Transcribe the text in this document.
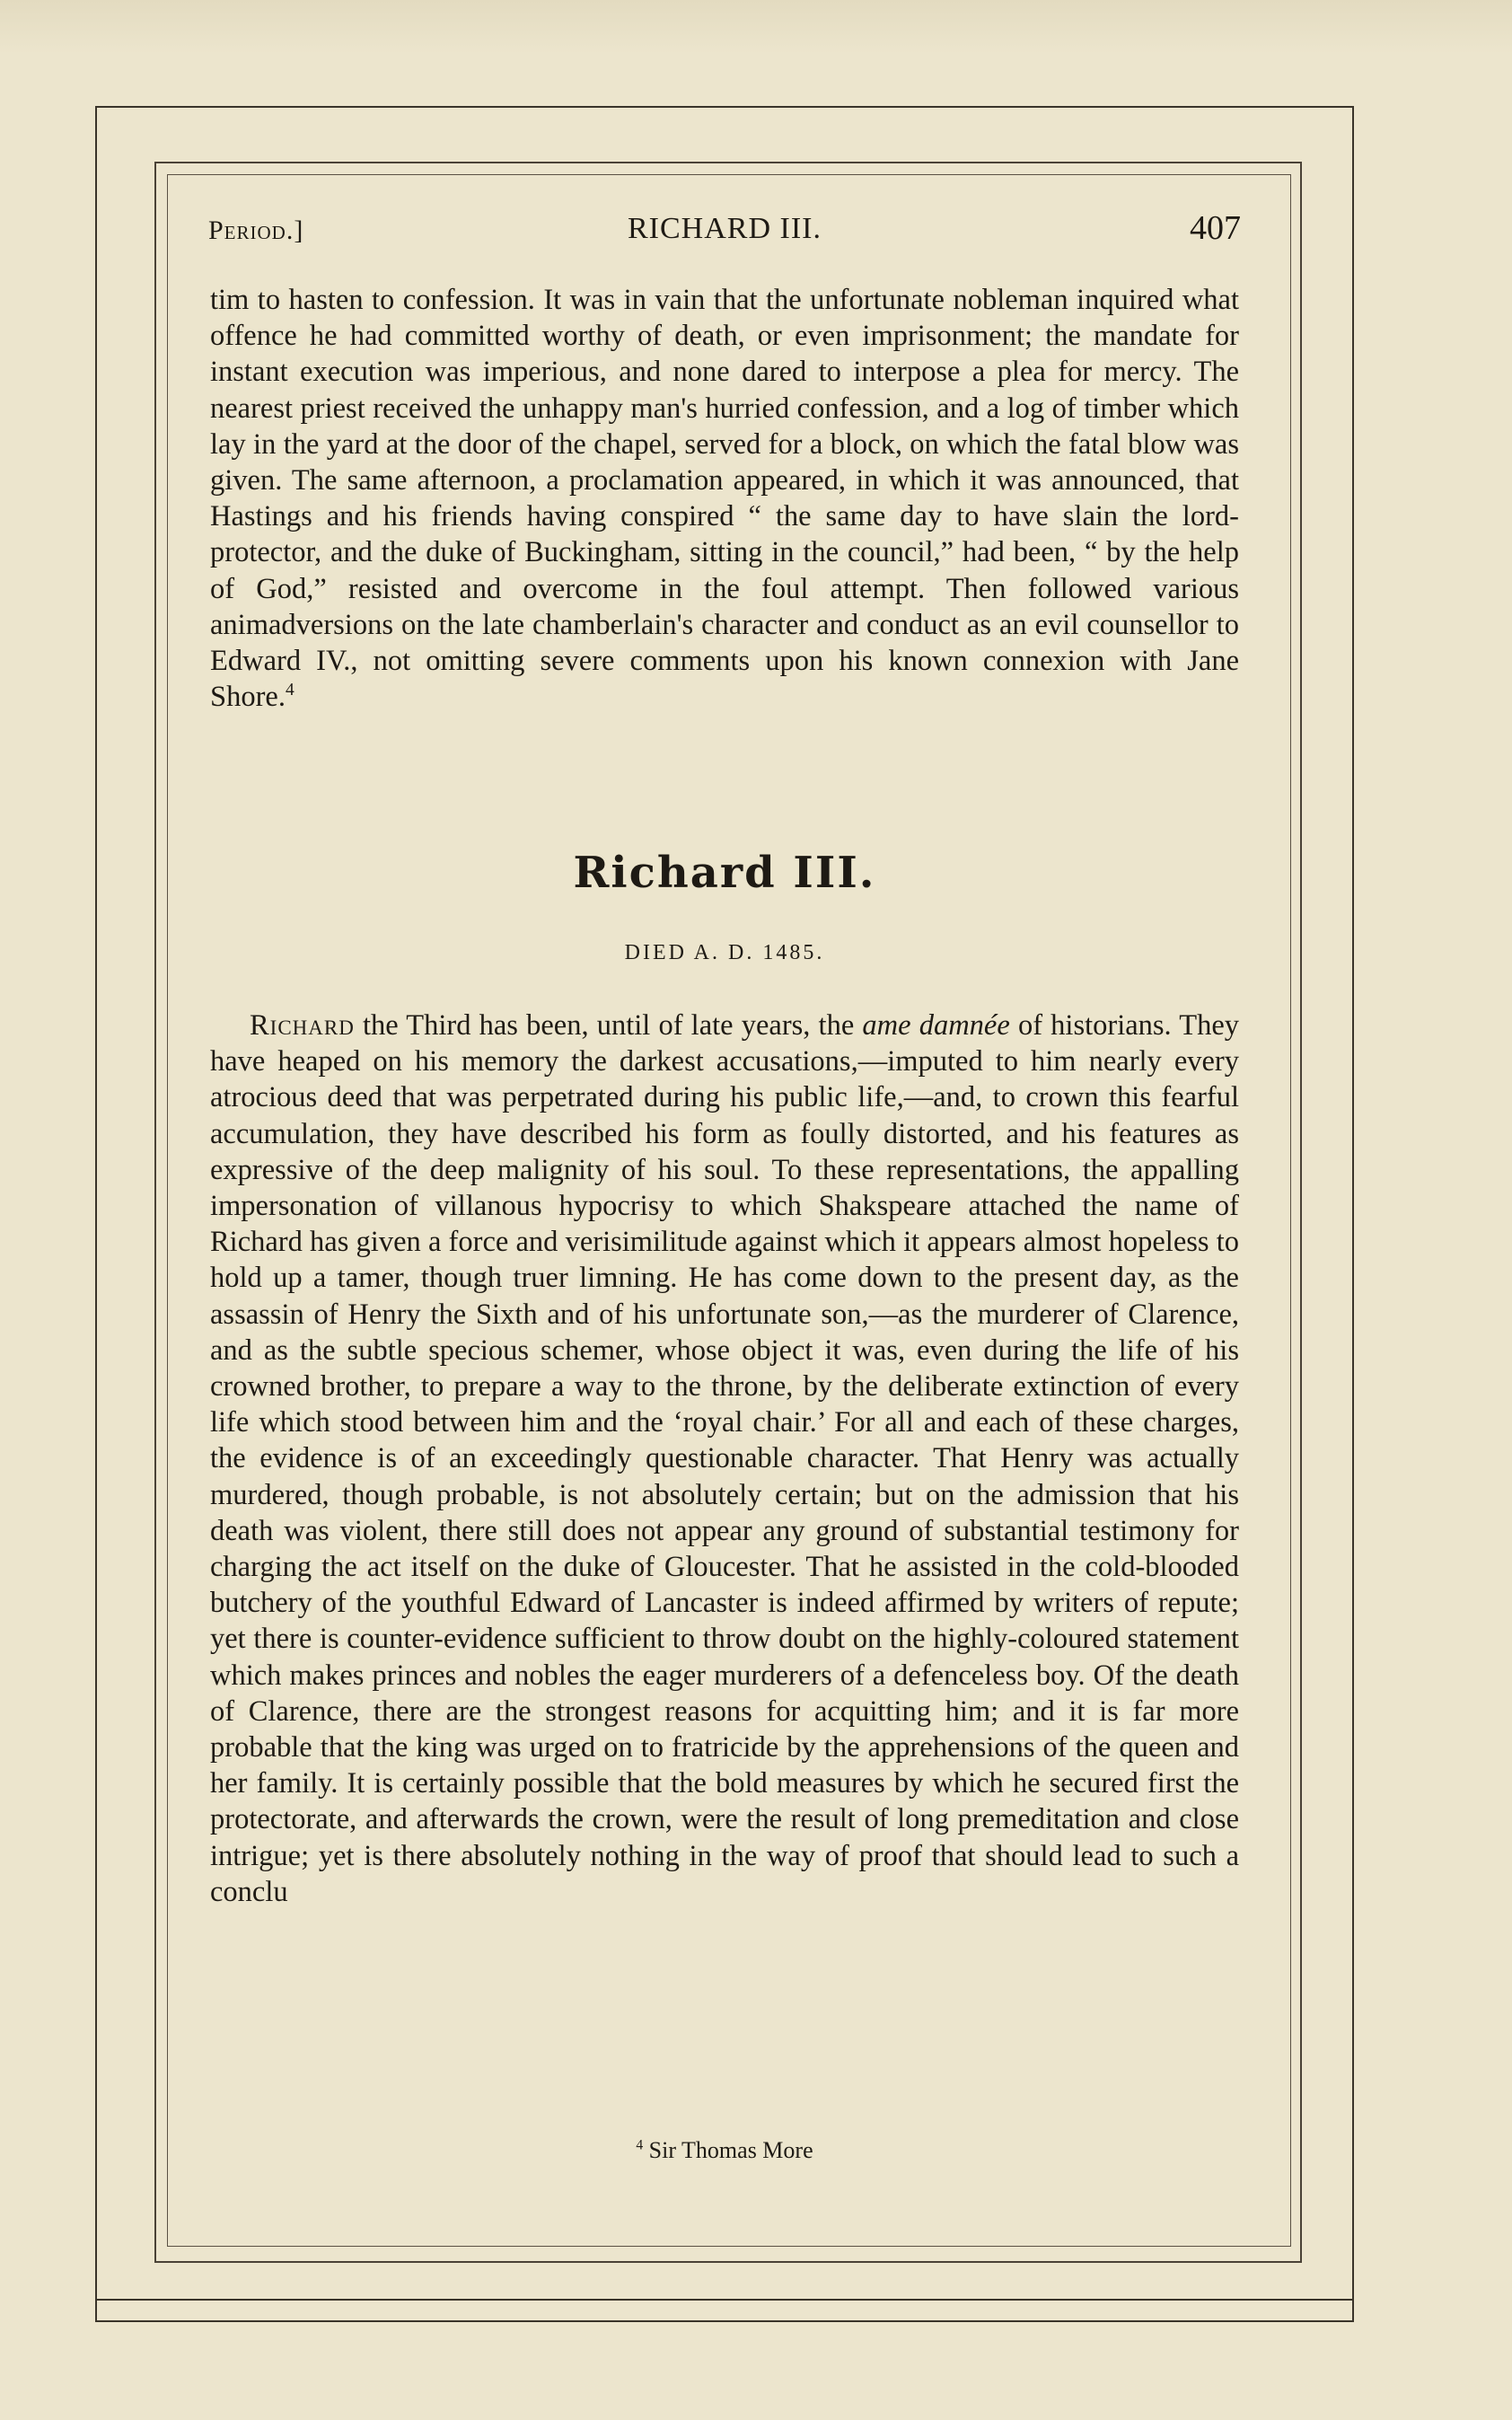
Period.]	RICHARD III.	407
tim to hasten to confession. It was in vain that the unfortunate nobleman inquired what offence he had committed worthy of death, or even imprisonment; the mandate for instant execution was imperious, and none dared to interpose a plea for mercy. The nearest priest received the unhappy man's hurried confession, and a log of timber which lay in the yard at the door of the chapel, served for a block, on which the fatal blow was given. The same afternoon, a proclamation appeared, in which it was announced, that Hastings and his friends having conspired “ the same day to have slain the lord-protector, and the duke of Buckingham, sitting in the council,” had been, “ by the help of God,” resisted and overcome in the foul attempt. Then followed various animadversions on the late chamberlain's character and conduct as an evil counsellor to Edward IV., not omitting severe comments upon his known connexion with Jane Shore.$^4$
Richard III.
DIED A. D. 1485.
Richard the Third has been, until of late years, the ame damnée of historians. They have heaped on his memory the darkest accusations,—imputed to him nearly every atrocious deed that was perpetrated during his public life,—and, to crown this fearful accumulation, they have described his form as foully distorted, and his features as expressive of the deep malignity of his soul. To these representations, the appalling impersonation of villanous hypocrisy to which Shakspeare attached the name of Richard has given a force and verisimilitude against which it appears almost hopeless to hold up a tamer, though truer limning. He has come down to the present day, as the assassin of Henry the Sixth and of his unfortunate son,—as the murderer of Clarence, and as the subtle specious schemer, whose object it was, even during the life of his crowned brother, to prepare a way to the throne, by the deliberate extinction of every life which stood between him and the ‘royal chair.’ For all and each of these charges, the evidence is of an exceedingly questionable character. That Henry was actually murdered, though probable, is not absolutely certain; but on the admission that his death was violent, there still does not appear any ground of substantial testimony for charging the act itself on the duke of Gloucester. That he assisted in the cold-blooded butchery of the youthful Edward of Lancaster is indeed affirmed by writers of repute; yet there is counter-evidence sufficient to throw doubt on the highly-coloured statement which makes princes and nobles the eager murderers of a defenceless boy. Of the death of Clarence, there are the strongest reasons for acquitting him; and it is far more probable that the king was urged on to fratricide by the apprehensions of the queen and her family. It is certainly possible that the bold measures by which he secured first the protectorate, and afterwards the crown, were the result of long premeditation and close intrigue; yet is there absolutely nothing in the way of proof that should lead to such a conclu
$^4$ Sir Thomas More
